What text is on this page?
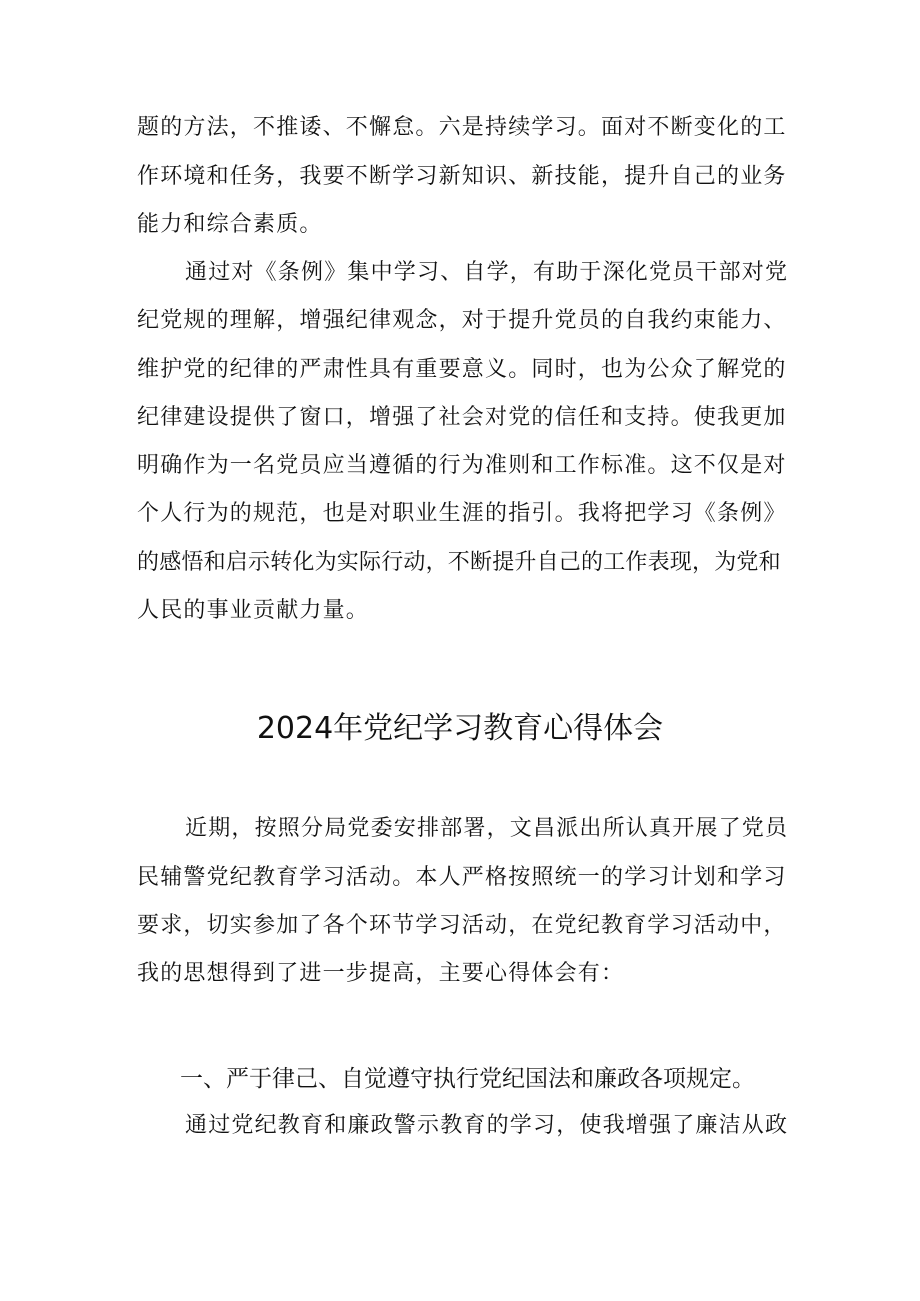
题的方法，不推诿、不懈怠。六是持续学习。面对不断变化的工
作环境和任务，我要不断学习新知识、新技能，提升自己的业务
能力和综合素质。
通过对《条例》集中学习、自学，有助于深化党员干部对党
纪党规的理解，增强纪律观念，对于提升党员的自我约束能力、
维护党的纪律的严肃性具有重要意义。同时，也为公众了解党的
纪律建设提供了窗口，增强了社会对党的信任和支持。使我更加
明确作为一名党员应当遵循的行为准则和工作标准。这不仅是对
个人行为的规范，也是对职业生涯的指引。我将把学习《条例》
的感悟和启示转化为实际行动，不断提升自己的工作表现，为党和
人民的事业贡献力量。
2024年党纪学习教育心得体会
近期，按照分局党委安排部署，文昌派出所认真开展了党员
民辅警党纪教育学习活动。本人严格按照统一的学习计划和学习
要求，切实参加了各个环节学习活动，在党纪教育学习活动中，
我的思想得到了进一步提高，主要心得体会有：
一、严于律己、自觉遵守执行党纪国法和廉政各项规定。
通过党纪教育和廉政警示教育的学习，使我增强了廉洁从政
